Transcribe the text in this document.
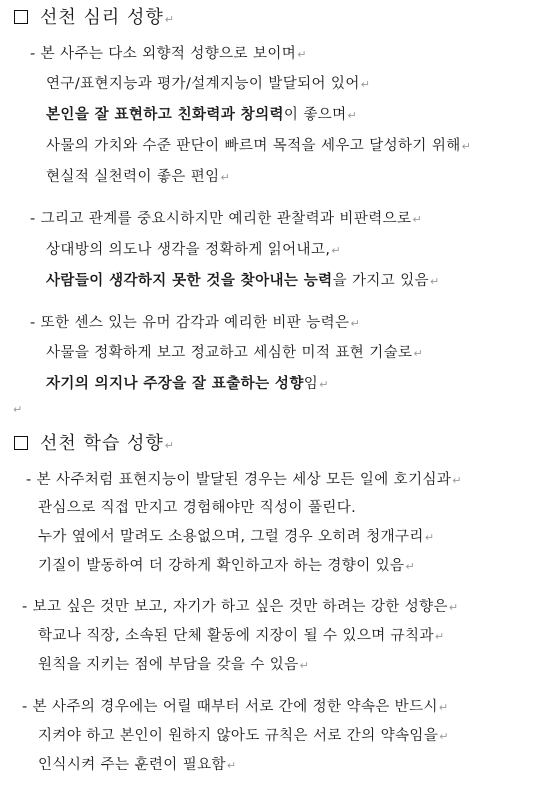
선천 심리 성향↵
- 본 사주는 다소 외향적 성향으로 보이며↵
연구/표현지능과 평가/설계지능이 발달되어 있어↵
본인을 잘 표현하고 친화력과 창의력이 좋으며↵
사물의 가치와 수준 판단이 빠르며 목적을 세우고 달성하기 위해↵
현실적 실천력이 좋은 편임↵
- 그리고 관계를 중요시하지만 예리한 관찰력과 비판력으로↵
상대방의 의도나 생각을 정확하게 읽어내고,↵
사람들이 생각하지 못한 것을 찾아내는 능력을 가지고 있음↵
- 또한 센스 있는 유머 감각과 예리한 비판 능력은↵
사물을 정확하게 보고 정교하고 세심한 미적 표현 기술로↵
자기의 의지나 주장을 잘 표출하는 성향임↵
↵
선천 학습 성향↵
- 본 사주처럼 표현지능이 발달된 경우는 세상 모든 일에 호기심과↵
관심으로 직접 만지고 경험해야만 직성이 풀린다.
누가 옆에서 말려도 소용없으며, 그럴 경우 오히려 청개구리↵
기질이 발동하여 더 강하게 확인하고자 하는 경향이 있음↵
- 보고 싶은 것만 보고, 자기가 하고 싶은 것만 하려는 강한 성향은↵
학교나 직장, 소속된 단체 활동에 지장이 될 수 있으며 규칙과↵
원칙을 지키는 점에 부담을 갖을 수 있음↵
- 본 사주의 경우에는 어릴 때부터 서로 간에 정한 약속은 반드시↵
지켜야 하고 본인이 원하지 않아도 규칙은 서로 간의 약속임을↵
인식시켜 주는 훈련이 필요함↵
